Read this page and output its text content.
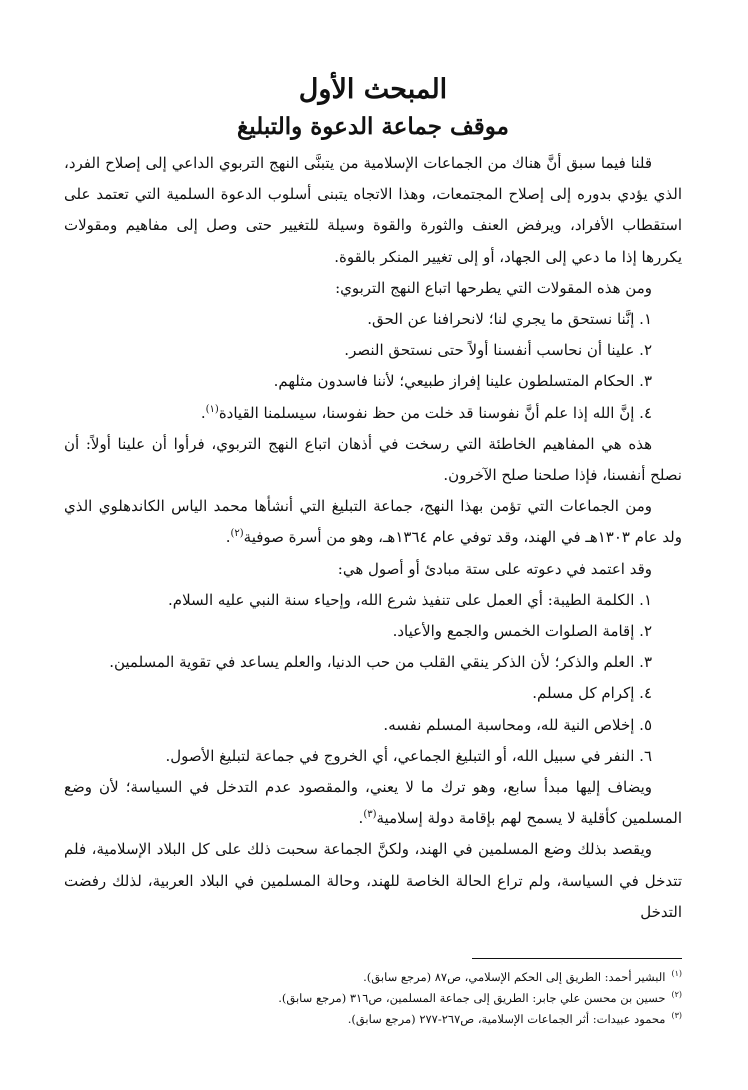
المبحث الأول
موقف جماعة الدعوة والتبليغ

قلنا فيما سبق أنَّ هناك من الجماعات الإسلامية من يتبنَّى النهج التربوي الداعي إلى إصلاح الفرد، الذي يؤدي بدوره إلى إصلاح المجتمعات، وهذا الاتجاه يتبنى أسلوب الدعوة السلمية التي تعتمد على استقطاب الأفراد، ويرفض العنف والثورة والقوة وسيلة للتغيير حتى وصل إلى مفاهيم ومقولات يكررها إذا ما دعي إلى الجهاد، أو إلى تغيير المنكر بالقوة.

ومن هذه المقولات التي يطرحها اتباع النهج التربوي:

١. إنَّنا نستحق ما يجري لنا؛ لانحرافنا عن الحق.

٢. علينا أن نحاسب أنفسنا أولاً حتى نستحق النصر.

٣. الحكام المتسلطون علينا إفراز طبيعي؛ لأننا فاسدون مثلهم.

٤. إنَّ الله إذا علم أنَّ نفوسنا قد خلت من حظ نفوسنا، سيسلمنا القيادة$^{(١)}$.

هذه هي المفاهيم الخاطئة التي رسخت في أذهان اتباع النهج التربوي، فرأوا أن علينا أولاً: أن نصلح أنفسنا، فإذا صلحنا صلح الآخرون.

ومن الجماعات التي تؤمن بهذا النهج، جماعة التبليغ التي أنشأها محمد الياس الكاندهلوي الذي ولد عام ١٣٠٣هـ في الهند، وقد توفي عام ١٣٦٤هـ، وهو من أسرة صوفية$^{(٢)}$.

وقد اعتمد في دعوته على ستة مبادئ أو أصول هي:

١. الكلمة الطيبة: أي العمل على تنفيذ شرع الله، وإحياء سنة النبي عليه السلام.

٢. إقامة الصلوات الخمس والجمع والأعياد.

٣. العلم والذكر؛ لأن الذكر ينقي القلب من حب الدنيا، والعلم يساعد في تقوية المسلمين.

٤. إكرام كل مسلم.

٥. إخلاص النية لله، ومحاسبة المسلم نفسه.

٦. النفر في سبيل الله، أو التبليغ الجماعي، أي الخروج في جماعة لتبليغ الأصول.

ويضاف إليها مبدأ سابع، وهو ترك ما لا يعني، والمقصود عدم التدخل في السياسة؛ لأن وضع المسلمين كأقلية لا يسمح لهم بإقامة دولة إسلامية$^{(٣)}$.

ويقصد بذلك وضع المسلمين في الهند، ولكنَّ الجماعة سحبت ذلك على كل البلاد الإسلامية، فلم تتدخل في السياسة، ولم تراع الحالة الخاصة للهند، وحالة المسلمين في البلاد العربية، لذلك رفضت التدخل

$^{(١)}$البشير أحمد: الطريق إلى الحكم الإسلامي، ص٨٧ (مرجع سابق).

$^{(٢)}$حسين بن محسن علي جابر: الطريق إلى جماعة المسلمين، ص٣١٦ (مرجع سابق).

$^{(٣)}$محمود عبيدات: أثر الجماعات الإسلامية، ص٢٦٧-٢٧٧ (مرجع سابق).
